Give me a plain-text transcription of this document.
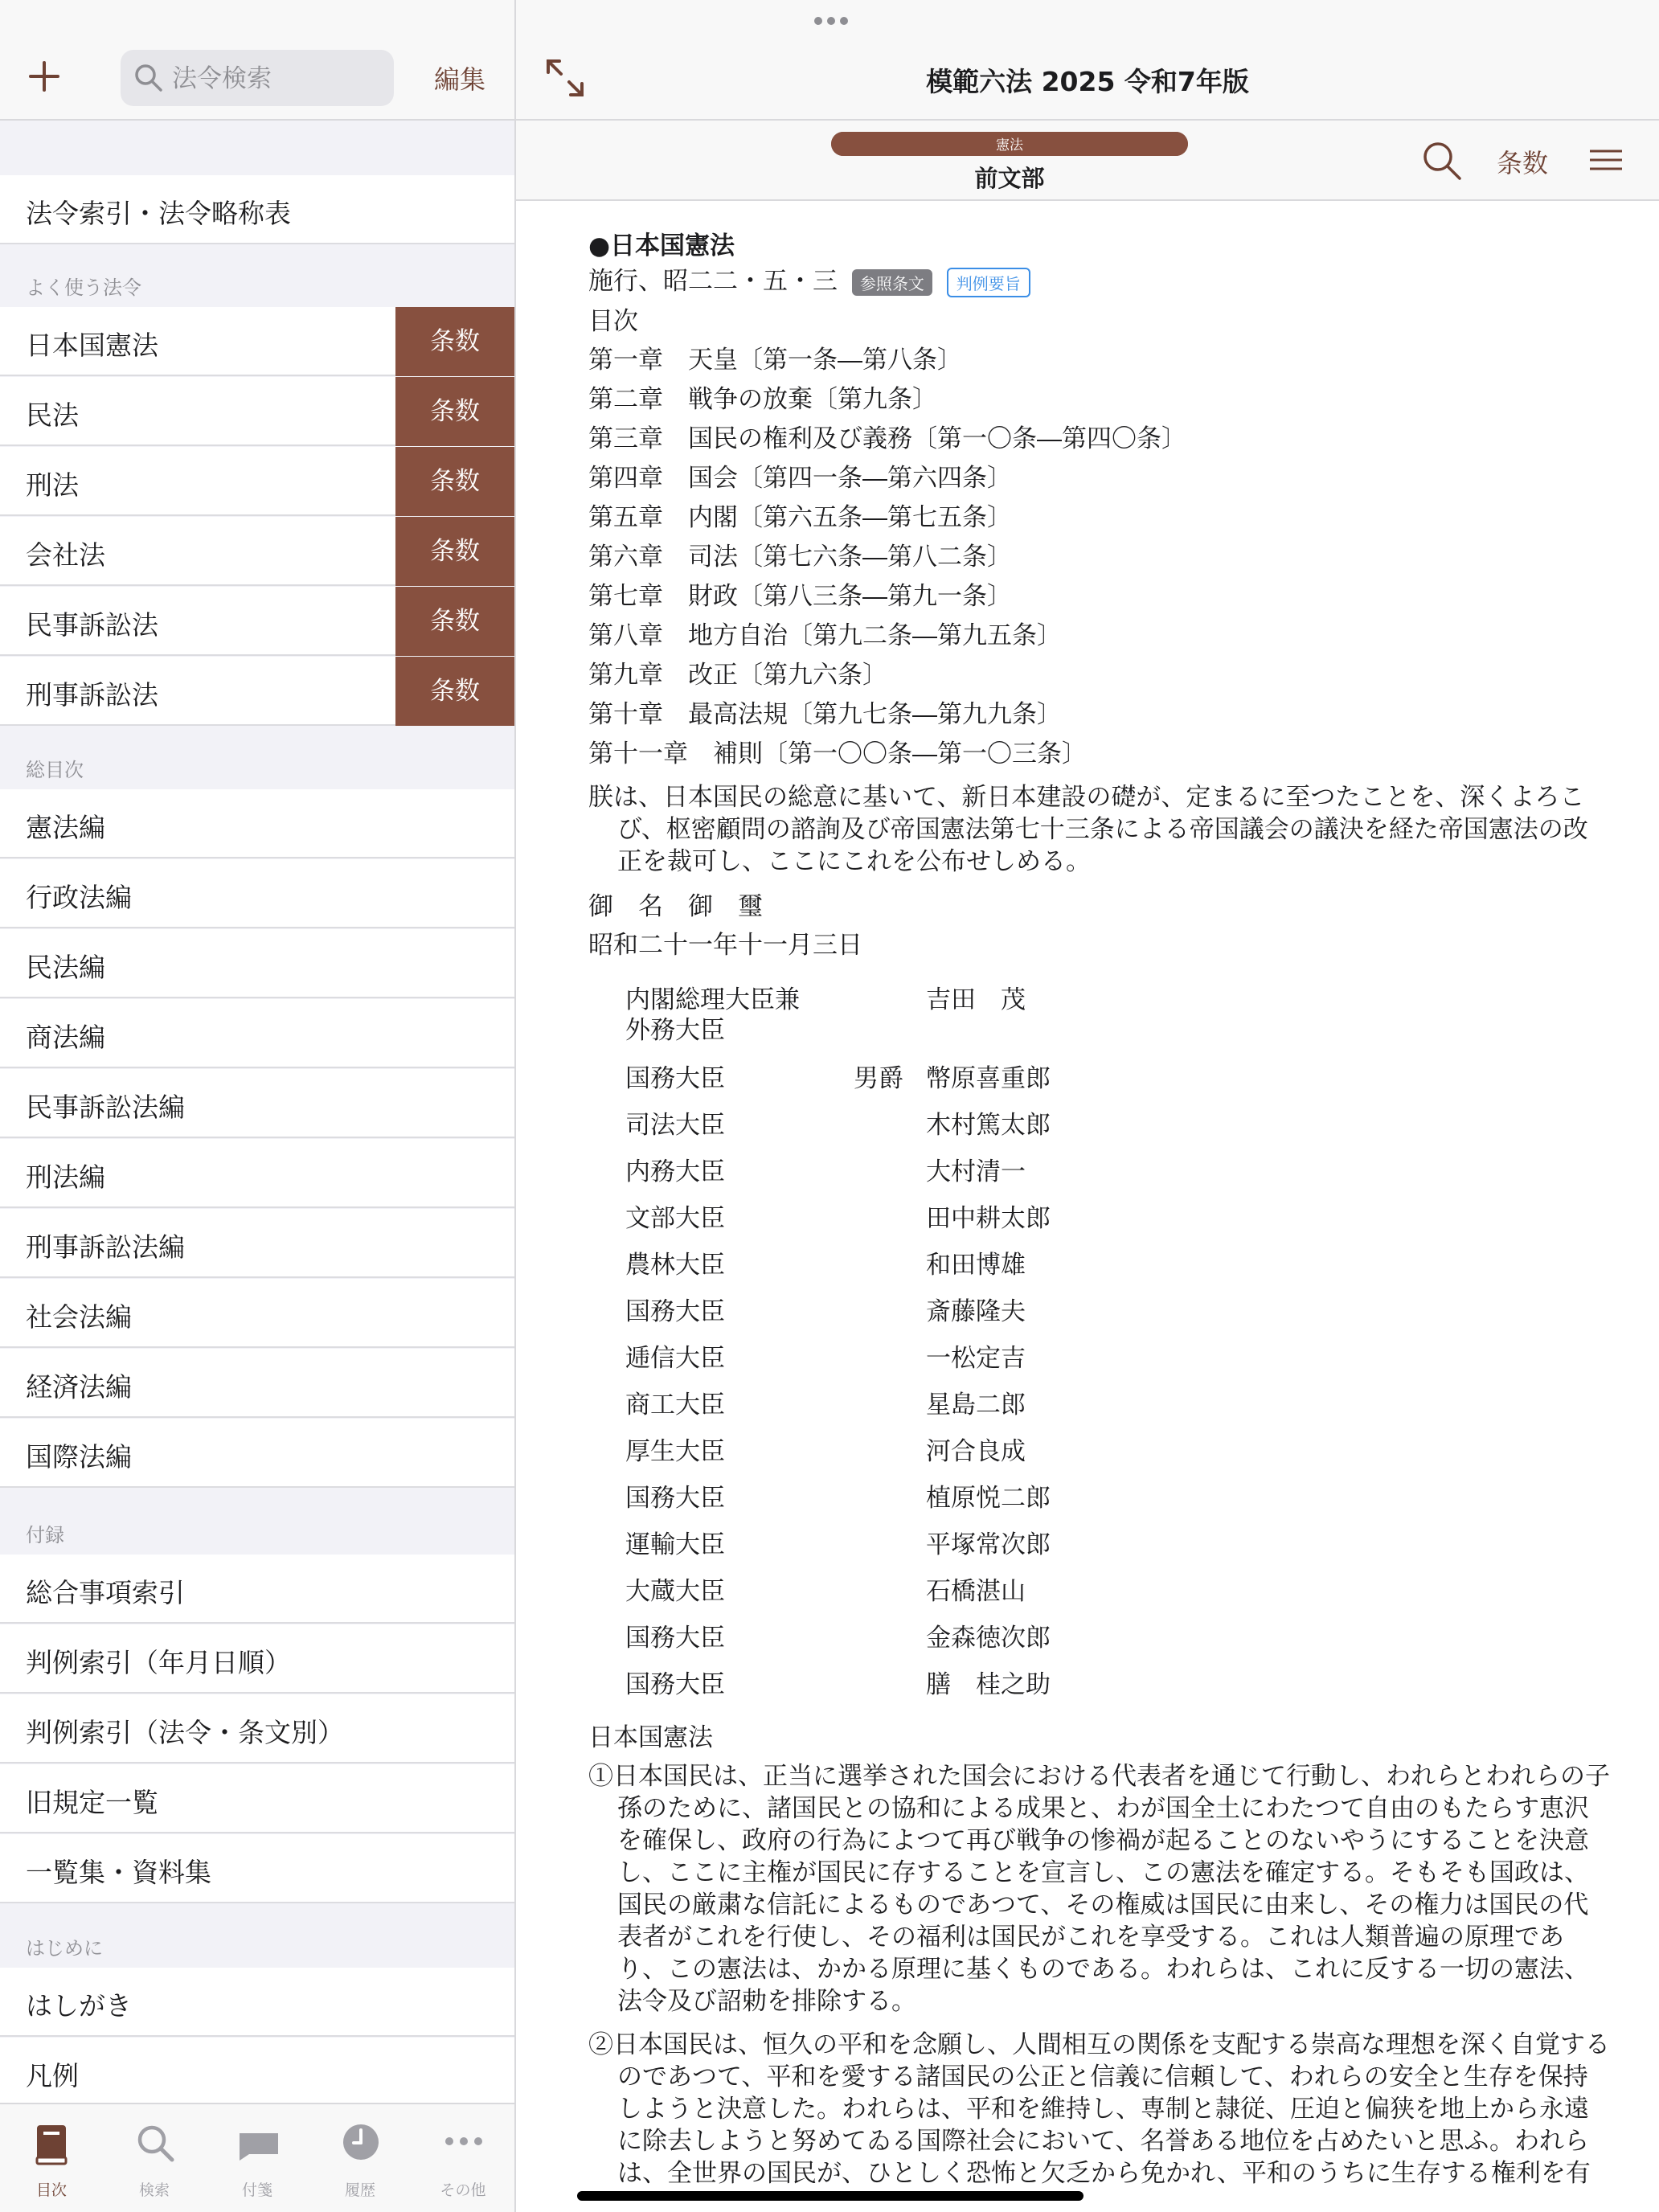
法令検索
編集
法令索引・法令略称表
よく使う法令
総目次
付録
はじめに
日本国憲法	条数
民法	条数
刑法	条数
会社法	条数
民事訴訟法	条数
刑事訴訟法	条数
憲法編
行政法編
民法編
商法編
民事訴訟法編
刑法編
刑事訴訟法編
社会法編
経済法編
国際法編
総合事項索引
判例索引（年月日順）
判例索引（法令・条文別）
旧規定一覧
一覧集・資料集
はしがき
凡例
目次	検索	付箋	履歴	その他
模範六法 2025 令和7年版
憲法
前文部	条数
●日本国憲法
施行、昭二二・五・三 参照条文 判例要旨
目次
第一章　天皇〔第一条―第八条〕
第二章　戦争の放棄〔第九条〕
第三章　国民の権利及び義務〔第一〇条―第四〇条〕
第四章　国会〔第四一条―第六四条〕
第五章　内閣〔第六五条―第七五条〕
第六章　司法〔第七六条―第八二条〕
第七章　財政〔第八三条―第九一条〕
第八章　地方自治〔第九二条―第九五条〕
第九章　改正〔第九六条〕
第十章　最高法規〔第九七条―第九九条〕
第十一章　補則〔第一〇〇条―第一〇三条〕
朕は、日本国民の総意に基いて、新日本建設の礎が、定まるに至つたことを、深くよろこ
び、枢密顧問の諮詢及び帝国憲法第七十三条による帝国議会の議決を経た帝国憲法の改
正を裁可し、ここにこれを公布せしめる。
御　名　御　璽
昭和二十一年十一月三日
内閣総理大臣兼	吉田　茂
外務大臣
国務大臣	男爵 幣原喜重郎
司法大臣	木村篤太郎
内務大臣	大村清一
文部大臣	田中耕太郎
農林大臣	和田博雄
国務大臣	斎藤隆夫
逓信大臣	一松定吉
商工大臣	星島二郎
厚生大臣	河合良成
国務大臣	植原悦二郎
運輸大臣	平塚常次郎
大蔵大臣	石橋湛山
国務大臣	金森徳次郎
国務大臣	膳　桂之助
日本国憲法
①日本国民は、正当に選挙された国会における代表者を通じて行動し、われらとわれらの子
孫のために、諸国民との協和による成果と、わが国全土にわたつて自由のもたらす恵沢
を確保し、政府の行為によつて再び戦争の惨禍が起ることのないやうにすることを決意
し、ここに主権が国民に存することを宣言し、この憲法を確定する。そもそも国政は、
国民の厳粛な信託によるものであつて、その権威は国民に由来し、その権力は国民の代
表者がこれを行使し、その福利は国民がこれを享受する。これは人類普遍の原理であ
り、この憲法は、かかる原理に基くものである。われらは、これに反する一切の憲法、
法令及び詔勅を排除する。
②日本国民は、恒久の平和を念願し、人間相互の関係を支配する崇高な理想を深く自覚する
のであつて、平和を愛する諸国民の公正と信義に信頼して、われらの安全と生存を保持
しようと決意した。われらは、平和を維持し、専制と隷従、圧迫と偏狭を地上から永遠
に除去しようと努めてゐる国際社会において、名誉ある地位を占めたいと思ふ。われら
は、全世界の国民が、ひとしく恐怖と欠乏から免かれ、平和のうちに生存する権利を有
